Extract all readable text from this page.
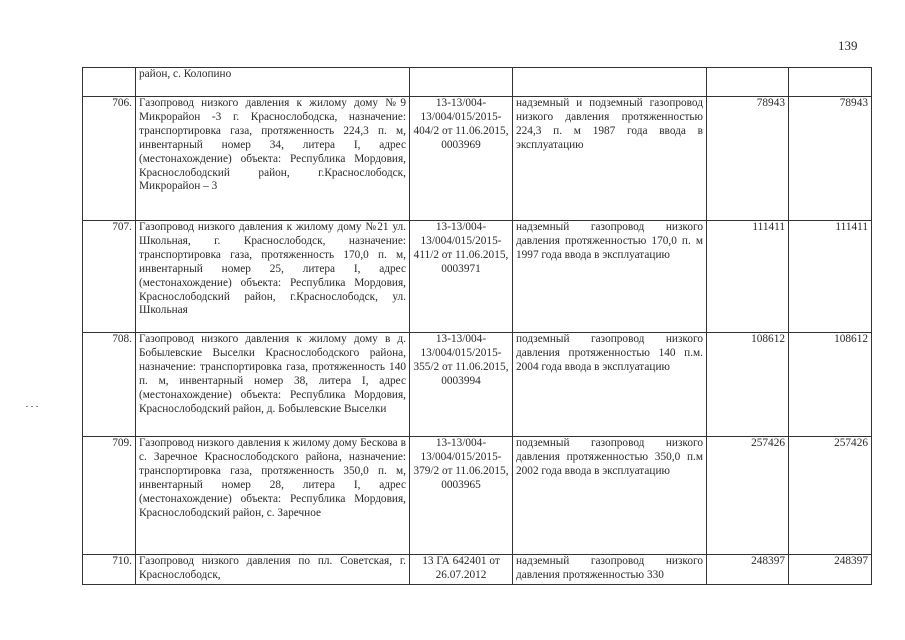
139
	район, с. Колопино				
706.	Газопровод низкого давления к жилому дому №9 Микрорайон -3 г. Краснослободска, назначение: транспортировка газа, протяженность 224,3 п. м, инвентарный номер 34, литера I, адрес (местонахождение) объекта: Республика Мордовия, Краснослободский район, г.Краснослободск, Микрорайон – 3	13-13/004-13/004/015/2015-404/2 от 11.06.2015, 0003969	надземный и подземный газопровод низкого давления протяженностью 224,3 п. м 1987 года ввода в эксплуатацию	78943	78943
707.	Газопровод низкого давления к жилому дому №21 ул. Школьная, г. Краснослободск, назначение: транспортировка газа, протяженность 170,0 п. м, инвентарный номер 25, литера I, адрес (местонахождение) объекта: Республика Мордовия, Краснослободский район, г.Краснослободск, ул. Школьная	13-13/004-13/004/015/2015-411/2 от 11.06.2015, 0003971	надземный газопровод низкого давления протяженностью 170,0 п. м 1997 года ввода в эксплуатацию	111411	111411
708.	Газопровод низкого давления к жилому дому в д. Бобылевские Выселки Краснослободского района, назначение: транспортировка газа, протяженность 140 п. м, инвентарный номер 38, литера I, адрес (местонахождение) объекта: Республика Мордовия, Краснослободский район, д. Бобылевские Выселки	13-13/004-13/004/015/2015-355/2 от 11.06.2015, 0003994	подземный газопровод низкого давления протяженностью 140 п.м. 2004 года ввода в эксплуатацию	108612	108612
709.	Газопровод низкого давления к жилому дому Бескова в с. Заречное Краснослободского района, назначение: транспортировка газа, протяженность 350,0 п. м, инвентарный номер 28, литера I, адрес (местонахождение) объекта: Республика Мордовия, Краснослободский район, с. Заречное	13-13/004-13/004/015/2015-379/2 от 11.06.2015, 0003965	подземный газопровод низкого давления протяженностью 350,0 п.м 2002 года ввода в эксплуатацию	257426	257426
710.	Газопровод низкого давления по пл. Советская, г. Краснослободск,	13 ГА 642401 от 26.07.2012	надземный газопровод низкого давления протяженностью 330	248397	248397
